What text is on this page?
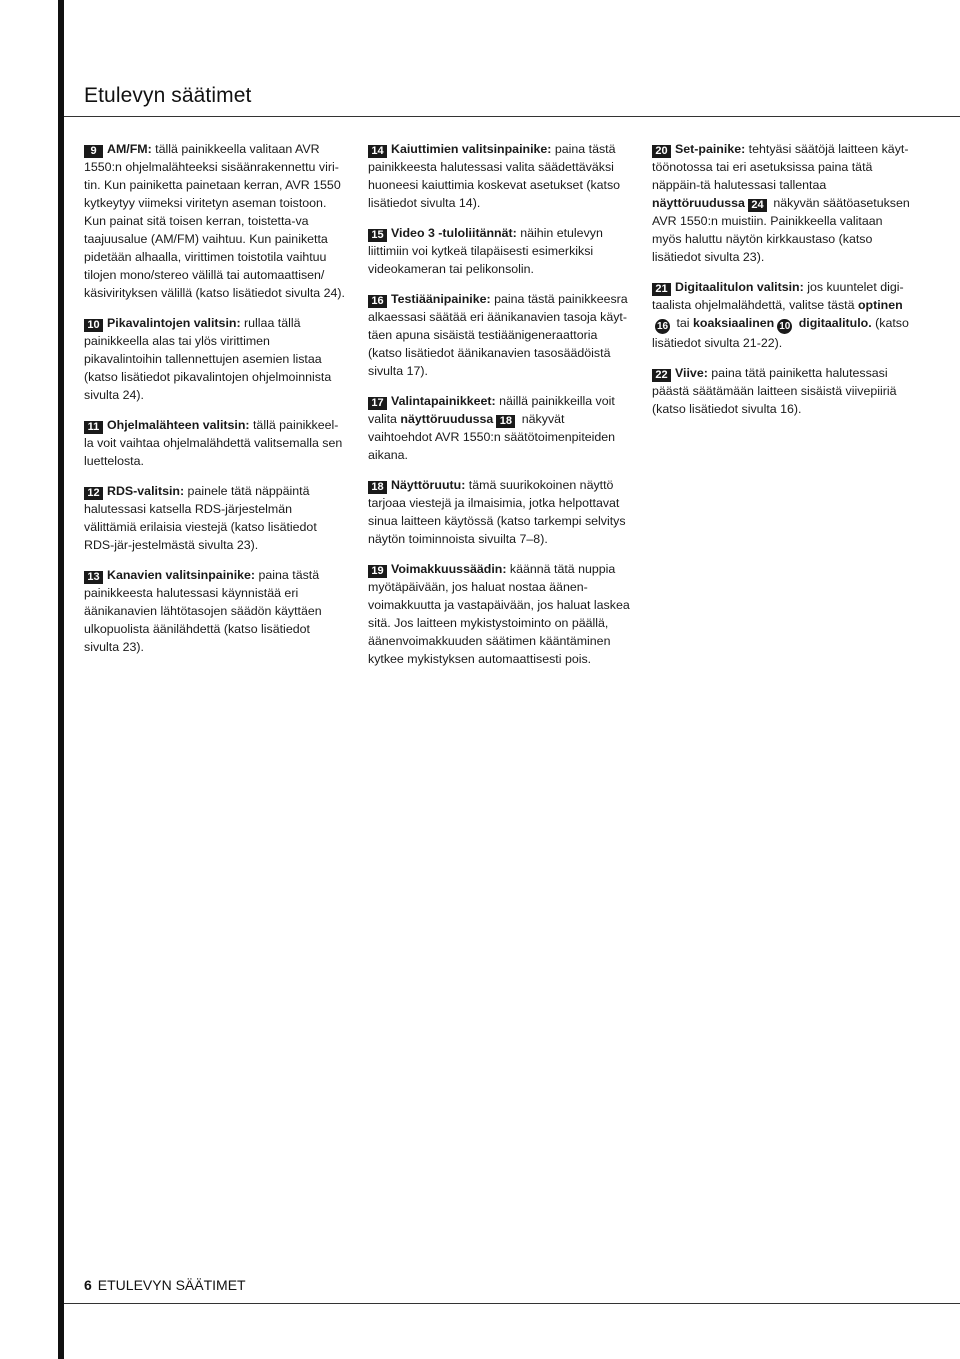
Etulevyn säätimet

9 AM/FM: tällä painikkeella valitaan AVR 1550:n ohjelmalähteeksi sisäänrakennettu viri-tin. Kun painiketta painetaan kerran, AVR 1550 kytkeytyy viimeksi viritetyn aseman toistoon. Kun painat sitä toisen kerran, toistetta-va taajuusalue (AM/FM) vaihtuu. Kun painiketta pidetään alhaalla, virittimen toistotila vaihtuu tilojen mono/stereo välillä tai automaattisen/ käsivirityksen välillä (katso lisätiedot sivulta 24).

10 Pikavalintojen valitsin: rullaa tällä painikkeella alas tai ylös virittimen pikavalintoihin tallennettujen asemien listaa (katso lisätiedot pikavalintojen ohjelmoinnista sivulta 24).

11 Ohjelmalähteen valitsin: tällä painikkeel-la voit vaihtaa ohjelmalähdettä valitsemalla sen luettelosta.

12 RDS-valitsin: painele tätä näppäintä halutessasi katsella RDS-järjestelmän välittämiä erilaisia viestejä (katso lisätiedot RDS-jär-jestelmästä sivulta 23).

13 Kanavien valitsinpainike: paina tästä painikkeesta halutessasi käynnistää eri äänikanavien lähtötasojen säädön käyttäen ulkopuolista äänilähdettä (katso lisätiedot sivulta 23).

14 Kaiuttimien valitsinpainike: paina tästä painikkeesta halutessasi valita säädettäväksi huoneesi kaiuttimia koskevat asetukset (katso lisätiedot sivulta 14).

15 Video 3 -tuloliitännät: näihin etulevyn liittimiin voi kytkeä tilapäisesti esimerkiksi videokameran tai pelikonsolin.

16 Testiäänipainike: paina tästä painikkeesra alkaessasi säätää eri äänikanavien tasoja käyt-täen apuna sisäistä testiäänigeneraattoria (katso lisätiedot äänikanavien tasosäädöistä sivulta 17).

17 Valintapainikkeet: näillä painikkeilla voit valita näyttöruudussa 18 näkyvät vaihtoehdot AVR 1550:n säätötoimenpiteiden aikana.

18 Näyttöruutu: tämä suurikokoinen näyttö tarjoaa viestejä ja ilmaisimia, jotka helpottavat sinua laitteen käytössä (katso tarkempi selvitys näytön toiminnoista sivuilta 7–8).

19 Voimakkuussäädin: käännä tätä nuppia myötäpäivään, jos haluat nostaa äänen-voimakkuutta ja vastapäivään, jos haluat laskea sitä. Jos laitteen mykistystoiminto on päällä, äänenvoimakkuuden säätimen kääntäminen kytkee mykistyksen automaattisesti pois.

20 Set-painike: tehtyäsi säätöjä laitteen käyt-töönotossa tai eri asetuksissa paina tätä näppäin-tä halutessasi tallentaa näyttöruudussa 24 näkyvän säätöasetuksen AVR 1550:n muistiin. Painikkeella valitaan myös haluttu näytön kirkkaustaso (katso lisätiedot sivulta 23).

21 Digitaalitulon valitsin: jos kuuntelet digi-taalista ohjelmalähdettä, valitse tästä optinen
16 tai koaksiaalinen 10 digitaalitulo. (katso lisätiedot sivulta 21-22).

22 Viive: paina tätä painiketta halutessasi päästä säätämään laitteen sisäistä viivepiiriä (katso lisätiedot sivulta 16).

6 ETULEVYN SÄÄTIMET
